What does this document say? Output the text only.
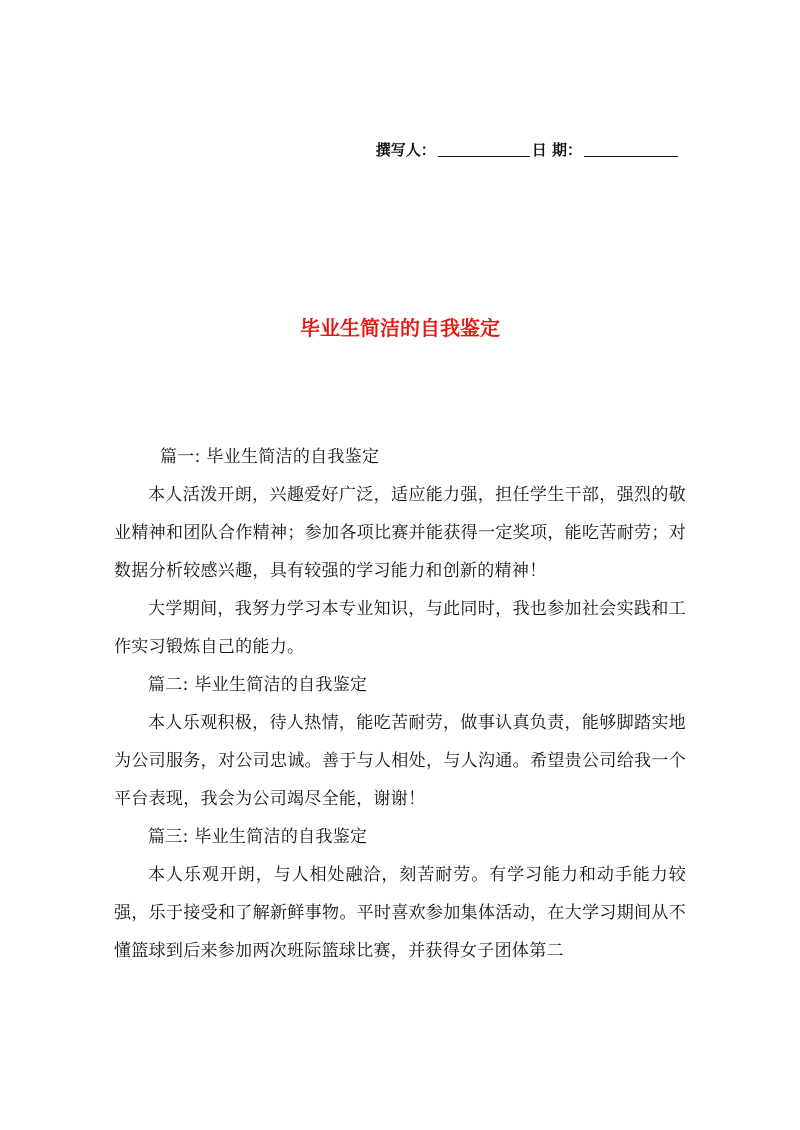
撰写人：	日 期：
毕业生简洁的自我鉴定

篇一: 毕业生简洁的自我鉴定

本人活泼开朗，兴趣爱好广泛，适应能力强，担任学生干部，强烈的敬业精神和团队合作精神；参加各项比赛并能获得一定奖项，能吃苦耐劳；对数据分析较感兴趣，具有较强的学习能力和创新的精神！

大学期间，我努力学习本专业知识，与此同时，我也参加社会实践和工作实习锻炼自己的能力。

篇二: 毕业生简洁的自我鉴定

本人乐观积极，待人热情，能吃苦耐劳，做事认真负责，能够脚踏实地为公司服务，对公司忠诚。善于与人相处，与人沟通。希望贵公司给我一个平台表现，我会为公司竭尽全能，谢谢！

篇三: 毕业生简洁的自我鉴定

本人乐观开朗，与人相处融洽，刻苦耐劳。有学习能力和动手能力较强，乐于接受和了解新鲜事物。平时喜欢参加集体活动，在大学习期间从不懂篮球到后来参加两次班际篮球比赛，并获得女子团体第二
